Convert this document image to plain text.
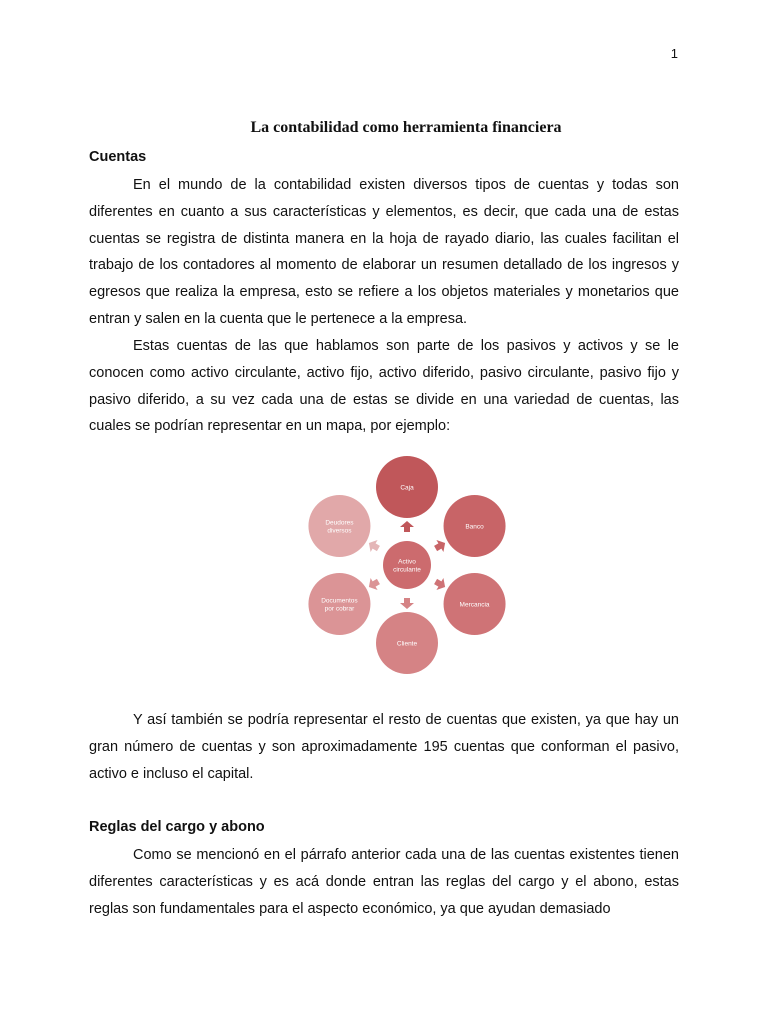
1
La contabilidad como herramienta financiera
Cuentas

En el mundo de la contabilidad existen diversos tipos de cuentas y todas son diferentes en cuanto a sus características y elementos, es decir, que cada una de estas cuentas se registra de distinta manera en la hoja de rayado diario, las cuales facilitan el trabajo de los contadores al momento de elaborar un resumen detallado de los ingresos y egresos que realiza la empresa, esto se refiere a los objetos materiales y monetarios que entran y salen en la cuenta que le pertenece a la empresa.

Estas cuentas de las que hablamos son parte de los pasivos y activos y se le conocen como activo circulante, activo fijo, activo diferido, pasivo circulante, pasivo fijo y pasivo diferido, a su vez cada una de estas se divide en una variedad de cuentas, las cuales se podrían representar en un mapa, por ejemplo:

Activo circulante
Caja
Banco
Mercancia
Cliente
Documentos por cobrar
Deudores diversos

Y así también se podría representar el resto de cuentas que existen, ya que hay un gran número de cuentas y son aproximadamente 195 cuentas que conforman el pasivo, activo e incluso el capital.

Reglas del cargo y abono

Como se mencionó en el párrafo anterior cada una de las cuentas existentes tienen diferentes características y es acá donde entran las reglas del cargo y el abono, estas reglas son fundamentales para el aspecto económico, ya que ayudan demasiado
